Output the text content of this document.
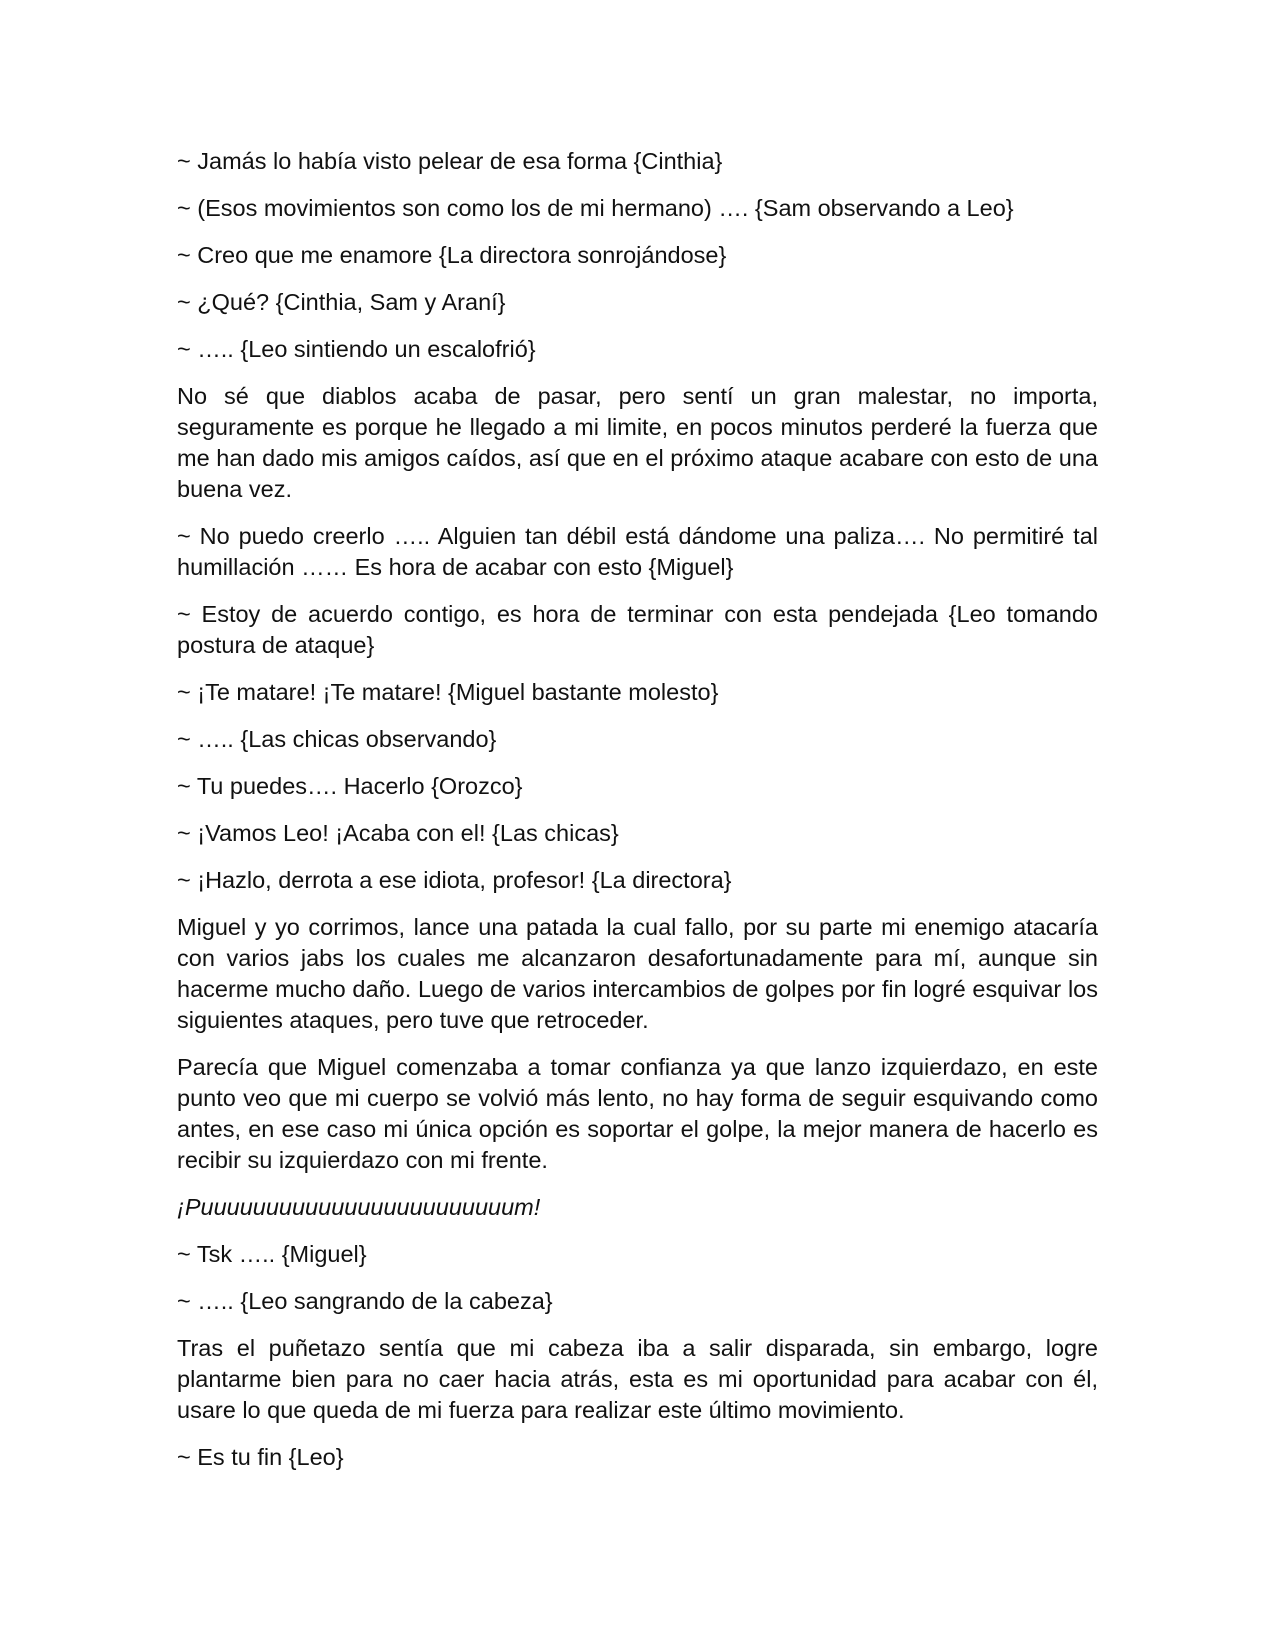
~ Jamás lo había visto pelear de esa forma {Cinthia}

~ (Esos movimientos son como los de mi hermano) …. {Sam observando a Leo}

~ Creo que me enamore {La directora sonrojándose}

~ ¿Qué? {Cinthia, Sam y Araní}

~ ….. {Leo sintiendo un escalofrió}

No sé que diablos acaba de pasar, pero sentí un gran malestar, no importa, seguramente es porque he llegado a mi limite, en pocos minutos perderé la fuerza que me han dado mis amigos caídos, así que en el próximo ataque acabare con esto de una buena vez.

~ No puedo creerlo ….. Alguien tan débil está dándome una paliza…. No permitiré tal humillación …… Es hora de acabar con esto {Miguel}

~ Estoy de acuerdo contigo, es hora de terminar con esta pendejada {Leo tomando postura de ataque}

~ ¡Te matare! ¡Te matare! {Miguel bastante molesto}

~ ….. {Las chicas observando}

~ Tu puedes…. Hacerlo {Orozco}

~ ¡Vamos Leo! ¡Acaba con el! {Las chicas}

~ ¡Hazlo, derrota a ese idiota, profesor! {La directora}

Miguel y yo corrimos, lance una patada la cual fallo, por su parte mi enemigo atacaría con varios jabs los cuales me alcanzaron desafortunadamente para mí, aunque sin hacerme mucho daño. Luego de varios intercambios de golpes por fin logré esquivar los siguientes ataques, pero tuve que retroceder.

Parecía que Miguel comenzaba a tomar confianza ya que lanzo izquierdazo, en este punto veo que mi cuerpo se volvió más lento, no hay forma de seguir esquivando como antes, en ese caso mi única opción es soportar el golpe, la mejor manera de hacerlo es recibir su izquierdazo con mi frente.

¡Puuuuuuuuuuuuuuuuuuuuuuuum!

~ Tsk ….. {Miguel}

~ ….. {Leo sangrando de la cabeza}

Tras el puñetazo sentía que mi cabeza iba a salir disparada, sin embargo, logre plantarme bien para no caer hacia atrás, esta es mi oportunidad para acabar con él, usare lo que queda de mi fuerza para realizar este último movimiento.

~ Es tu fin {Leo}
